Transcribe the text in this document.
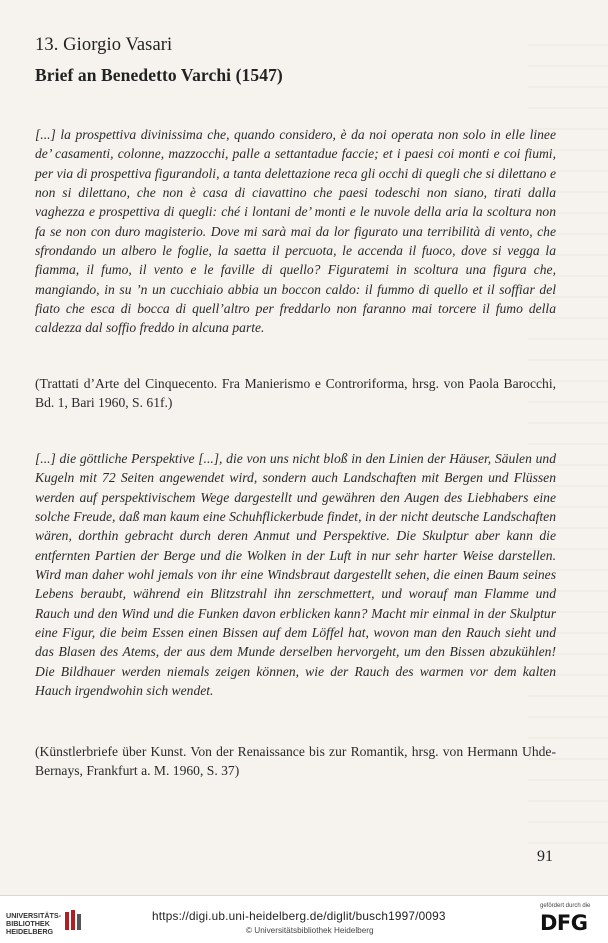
13. Giorgio Vasari
Brief an Benedetto Varchi (1547)

[...] la prospettiva divinissima che, quando considero, è da noi operata non solo in elle linee de’ casamenti, colonne, mazzocchi, palle a settantadue faccie; et i paesi coi monti e coi fiumi, per via di prospettiva figurandoli, a tanta delettazione reca gli occhi di quegli che si dilettano e non si dilettano, che non è casa di ciavattino che paesi todeschi non siano, tirati dalla vaghezza e prospettiva di quegli: ché i lontani de’ monti e le nuvole della aria la scoltura non fa se non con duro magisterio. Dove mi sarà mai da lor figurato una terribilità di vento, che sfrondando un albero le foglie, la saetta il percuota, le accenda il fuoco, dove si vegga la fiamma, il fumo, il vento e le faville di quello? Figuratemi in scoltura una figura che, mangiando, in su ’n un cucchiaio abbia un boccon caldo: il fummo di quello et il soffiar del fiato che esca di bocca di quell’altro per freddarlo non faranno mai torcere il fumo della caldezza dal soffio freddo in alcuna parte.

(Trattati d’Arte del Cinquecento. Fra Manierismo e Controriforma, hrsg. von Paola Barocchi, Bd. 1, Bari 1960, S. 61f.)

[...] die göttliche Perspektive [...], die von uns nicht bloß in den Linien der Häuser, Säulen und Kugeln mit 72 Seiten angewendet wird, sondern auch Landschaften mit Bergen und Flüssen werden auf perspektivischem Wege dargestellt und gewähren den Augen des Liebhabers eine solche Freude, daß man kaum eine Schuhflickerbude findet, in der nicht deutsche Landschaften wären, dorthin gebracht durch deren Anmut und Perspektive. Die Skulptur aber kann die entfernten Partien der Berge und die Wolken in der Luft in nur sehr harter Weise darstellen. Wird man daher wohl jemals von ihr eine Windsbraut dargestellt sehen, die einen Baum seines Lebens beraubt, während ein Blitzstrahl ihn zerschmettert, und worauf man Flamme und Rauch und den Wind und die Funken davon erblicken kann? Macht mir einmal in der Skulptur eine Figur, die beim Essen einen Bissen auf dem Löffel hat, wovon man den Rauch sieht und das Blasen des Atems, der aus dem Munde derselben hervorgeht, um den Bissen abzukühlen! Die Bildhauer werden niemals zeigen können, wie der Rauch des warmen vor dem kalten Hauch irgendwohin sich wendet.

(Künstlerbriefe über Kunst. Von der Renaissance bis zur Romantik, hrsg. von Hermann Uhde-Bernays, Frankfurt a. M. 1960, S. 37)

91
UNIVERSITÄTS-
BIBLIOTHEK
HEIDELBERG
https://digi.ub.uni-heidelberg.de/diglit/busch1997/0093
© Universitätsbibliothek Heidelberg
gefördert durch die
DFG
